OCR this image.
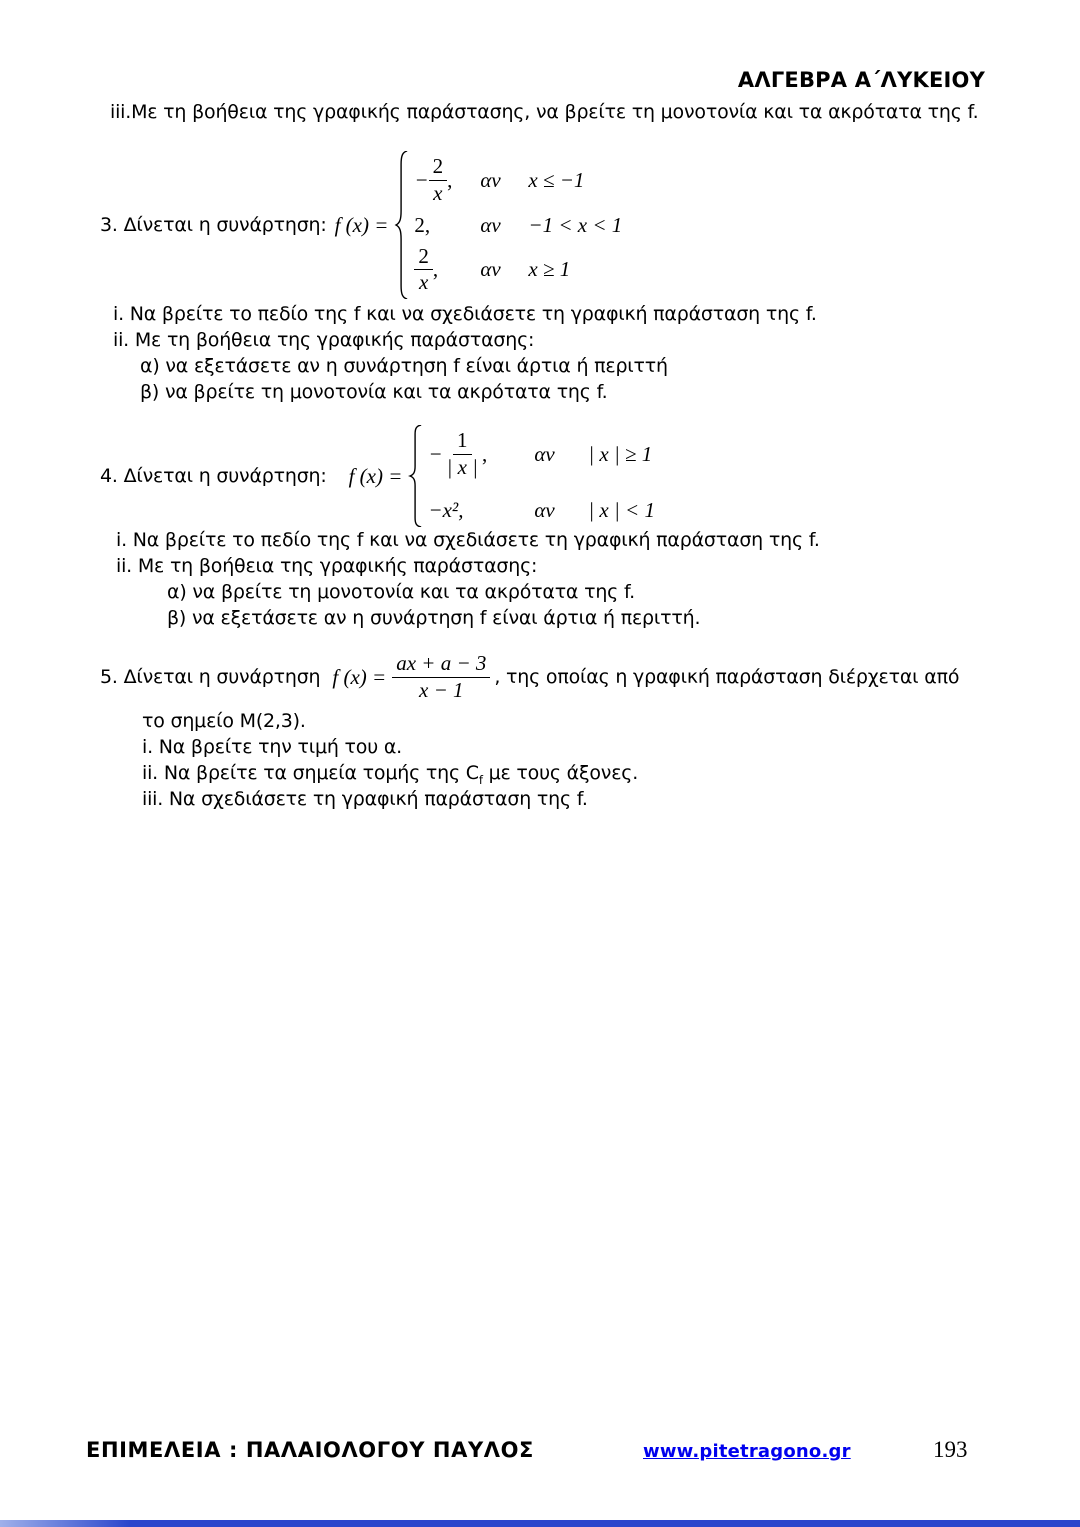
ΑΛΓΕΒΡΑ Α΄ΛΥΚΕΙΟΥ
iii.Με τη βοήθεια της γραφικής παράστασης, να βρείτε τη μονοτονία και τα ακρότατα της f.
3. Δίνεται η συνάρτηση: f (x) =
− $\frac{2}{x}$ , αν	x ≤ −1
2,	αν	−1 < x < 1
$\frac{2}{x}$ , αν	x ≥ 1
i. Να βρείτε το πεδίο της f και να σχεδιάσετε τη γραφική παράσταση της f.
ii. Με τη βοήθεια της γραφικής παράστασης:
α) να εξετάσετε αν η συνάρτηση f είναι άρτια ή περιττή
β) να βρείτε τη μονοτονία και τα ακρότατα της f.
4. Δίνεται η συνάρτηση: f (x) =
− $\frac{1}{| x |}$ , αν	| x | ≥ 1
−x²,	αν	| x | < 1
i. Να βρείτε το πεδίο της f και να σχεδιάσετε τη γραφική παράσταση της f.
ii. Με τη βοήθεια της γραφικής παράστασης:
α) να βρείτε τη μονοτονία και τα ακρότατα της f.
β) να εξετάσετε αν η συνάρτηση f είναι άρτια ή περιττή.
5. Δίνεται η συνάρτηση f $(x) = \frac{ax + a - 3}{x - 1}$ , της οποίας η γραφική παράσταση διέρχεται από
το σημείο Μ(2,3).
i. Να βρείτε την τιμή του α.
ii. Να βρείτε τα σημεία τομής της $C_f$ με τους άξονες.
iii. Να σχεδιάσετε τη γραφική παράσταση της f.
ΕΠΙΜΕΛΕΙΑ : ΠΑΛΑΙΟΛΟΓΟΥ ΠΑΥΛΟΣ	www.pitetragono.gr	193
